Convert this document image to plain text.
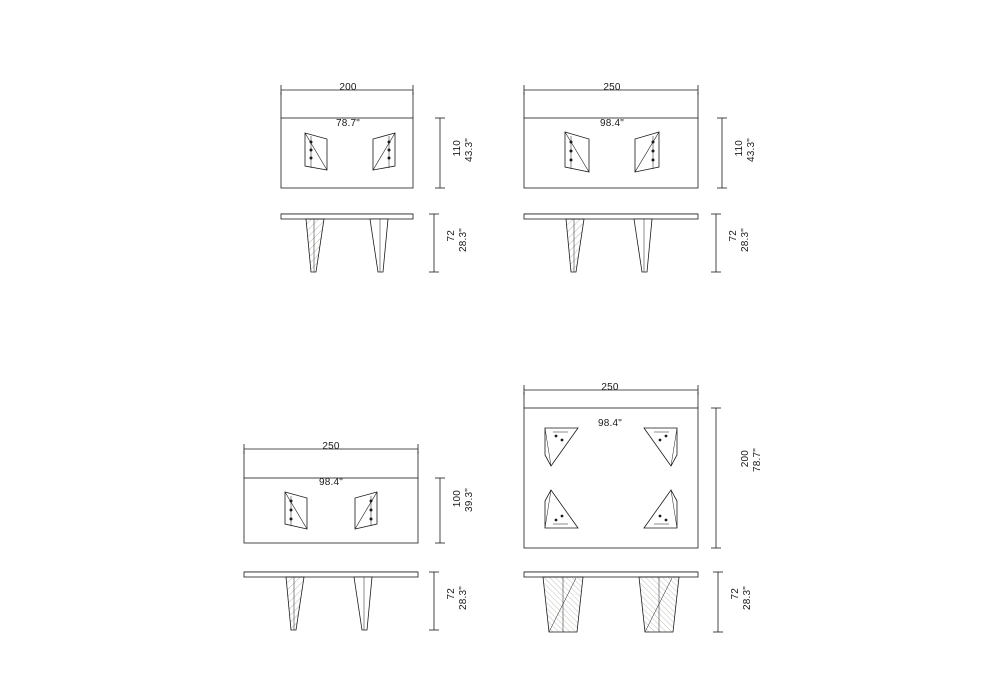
200

78.7"

110 43.3"
72 28.3"

250

98.4"

110 43.3"
72 28.3"

250

98.4"

100 39.3"
72 28.3"

250

98.4"

200 78.7"
72 28.3"
